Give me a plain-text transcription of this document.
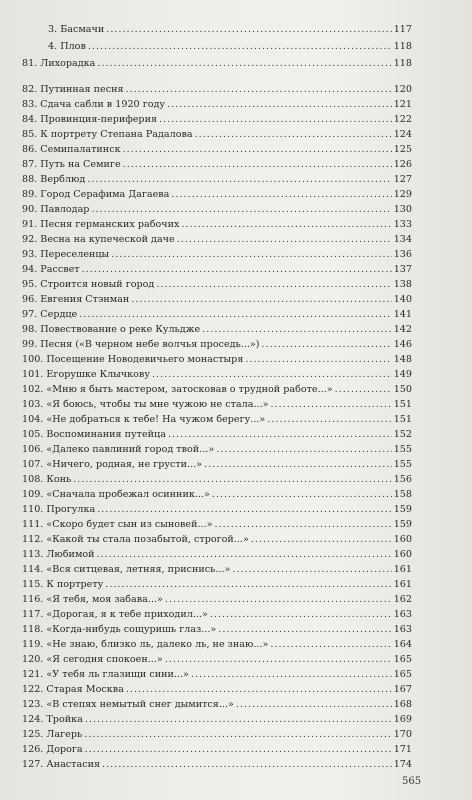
3. Басмачи .....	117
4. Плов .....	118
81. Лихорадка .....	118
82. Путинная песня .....	120
83. Сдача сабли в 1920 году .....	121
84. Провинция-периферия .....	122
85. К портрету Степана Радалова .....	124
86. Семипалатинск .....	125
87. Путь на Семиге .....	126
88. Верблюд .....	127
89. Город Серафима Дагаева .....	129
90. Павлодар .....	130
91. Песня германских рабочих .....	133
92. Весна на купеческой даче .....	134
93. Переселенцы .....	136
94. Рассвет .....	137
95. Строится новый город .....	138
96. Евгения Стэнман .....	140
97. Сердце .....	141
98. Повествование о реке Кульдже .....	142
99. Песня («В черном небе волчья проседь...») .....	146
100. Посещение Новодевичьего монастыря .....	148
101. Егорушке Клычкову .....	149
102. «Мню я быть мастером, затосковав о трудной работе...» .....	150
103. «Я боюсь, чтобы ты мне чужою не стала...» .....	151
104. «Не добраться к тебе! На чужом берегу...» .....	151
105. Воспоминания путейца .....	152
106. «Далеко павлиний город твой...» .....	155
107. «Ничего, родная, не грусти...» .....	155
108. Конь .....	156
109. «Сначала пробежал осинник...» .....	158
110. Прогулка .....	159
111. «Скоро будет сын из сыновей...» .....	159
112. «Какой ты стала позабытой, строгой...» .....	160
113. Любимой .....	160
114. «Вся ситцевая, летняя, приснись...» .....	161
115. К портрету .....	161
116. «Я тебя, моя забава...» .....	162
117. «Дорогая, я к тебе приходил...» .....	163
118. «Когда-нибудь сощуришь глаз...» .....	163
119. «Не знаю, близко ль, далеко ль, не знаю...» .....	164
120. «Я сегодня спокоен...» .....	165
121. «У тебя ль глазищи сини...» .....	165
122. Старая Москва .....	167
123. «В степях немытый снег дымится...» .....	168
124. Тройка .....	169
125. Лагерь .....	170
126. Дорога .....	171
127. Анастасия .....	174
565
